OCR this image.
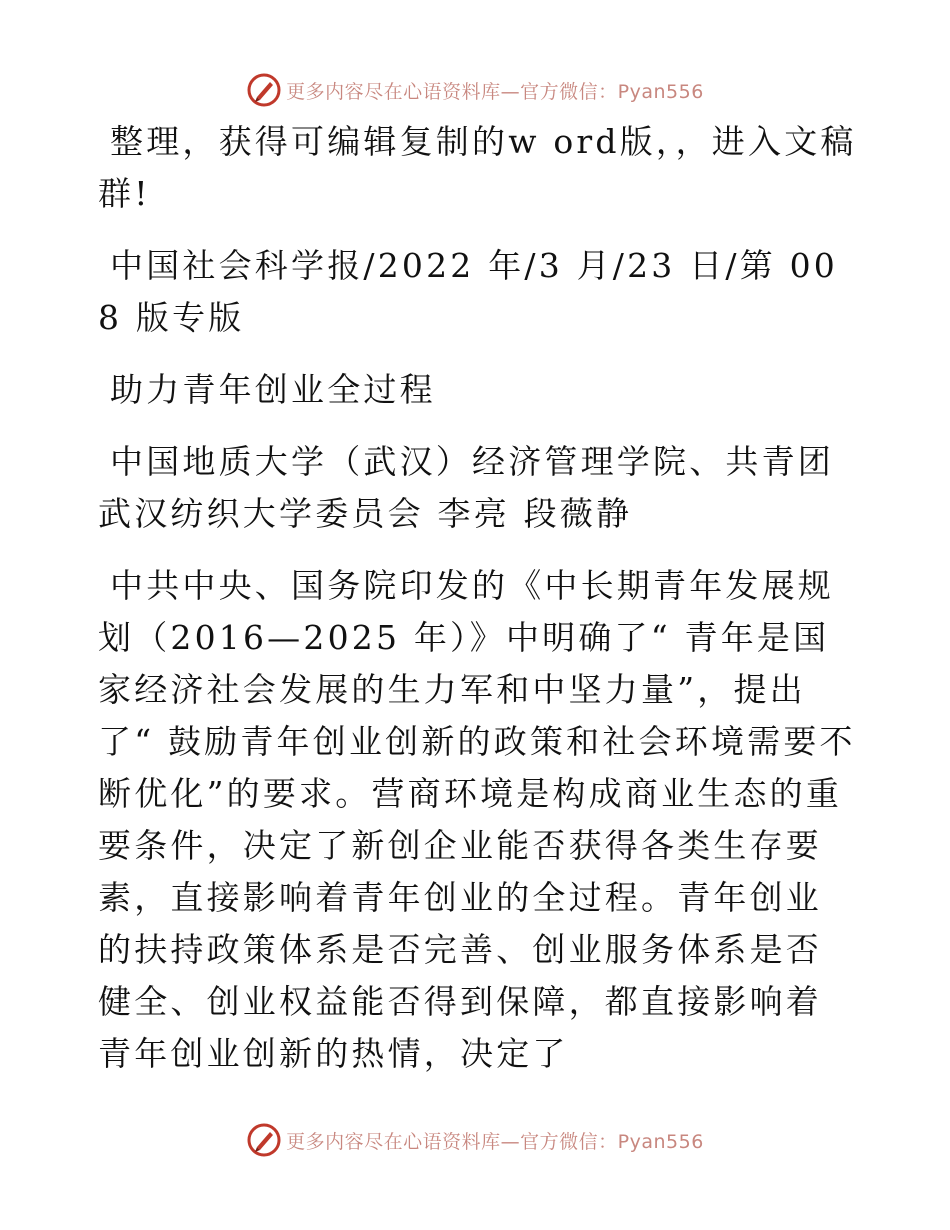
更多内容尽在心语资料库—官方微信：Pyan556

整理，获得可编辑复制的w ord版，，进入文稿群!

中国社会科学报/2022 年/3 月/23 日/第 008 版专版

助力青年创业全过程

中国地质大学（武汉）经济管理学院、共青团武汉纺织大学委员会 李亮 段薇静

中共中央、国务院印发的《中长期青年发展规划（2016—2025 年）》中明确了“ 青年是国家经济社会发展的生力军和中坚力量”，提出了“ 鼓励青年创业创新的政策和社会环境需要不断优化”的要求。营商环境是构成商业生态的重要条件，决定了新创企业能否获得各类生存要素，直接影响着青年创业的全过程。青年创业的扶持政策体系是否完善、创业服务体系是否健全、创业权益能否得到保障，都直接影响着青年创业创新的热情，决定了

更多内容尽在心语资料库—官方微信：Pyan556
